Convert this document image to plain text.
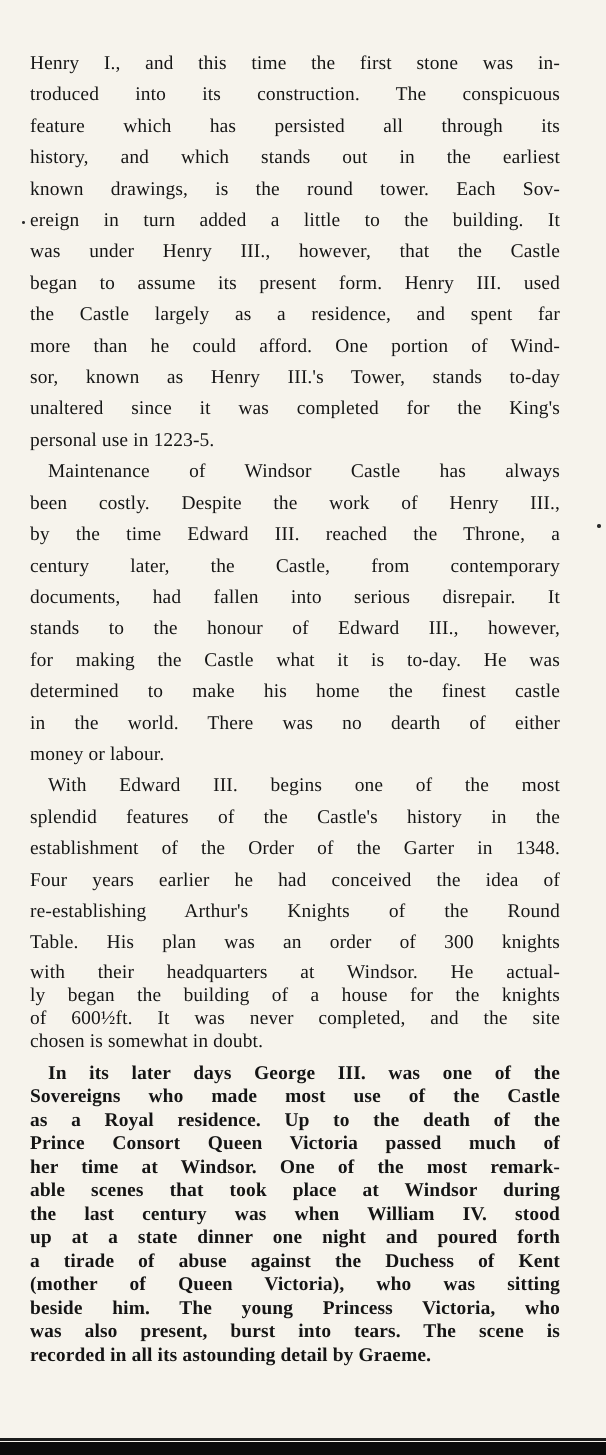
Henry I., and this time the first stone was in-
troduced into its construction. The conspicuous
feature which has persisted all through its
history, and which stands out in the earliest
known drawings, is the round tower. Each Sov-
ereign in turn added a little to the building. It
was under Henry III., however, that the Castle
began to assume its present form. Henry III. used
the Castle largely as a residence, and spent far
more than he could afford. One portion of Wind-
sor, known as Henry III.'s Tower, stands to-day
unaltered since it was completed for the King's
personal use in 1223-5.

Maintenance of Windsor Castle has always
been costly. Despite the work of Henry III.,
by the time Edward III. reached the Throne, a
century later, the Castle, from contemporary
documents, had fallen into serious disrepair. It
stands to the honour of Edward III., however,
for making the Castle what it is to-day. He was
determined to make his home the finest castle
in the world. There was no dearth of either
money or labour.

With Edward III. begins one of the most
splendid features of the Castle's history in the
establishment of the Order of the Garter in 1348.
Four years earlier he had conceived the idea of
re-establishing Arthur's Knights of the Round
Table. His plan was an order of 300 knights

with their headquarters at Windsor. He actual-
ly began the building of a house for the knights
of 600½ft. It was never completed, and the site
chosen is somewhat in doubt.

In its later days George III. was one of the
Sovereigns who made most use of the Castle
as a Royal residence. Up to the death of the
Prince Consort Queen Victoria passed much of
her time at Windsor. One of the most remark-
able scenes that took place at Windsor during
the last century was when William IV. stood
up at a state dinner one night and poured forth
a tirade of abuse against the Duchess of Kent
(mother of Queen Victoria), who was sitting
beside him. The young Princess Victoria, who
was also present, burst into tears. The scene is
recorded in all its astounding detail by Graeme.
